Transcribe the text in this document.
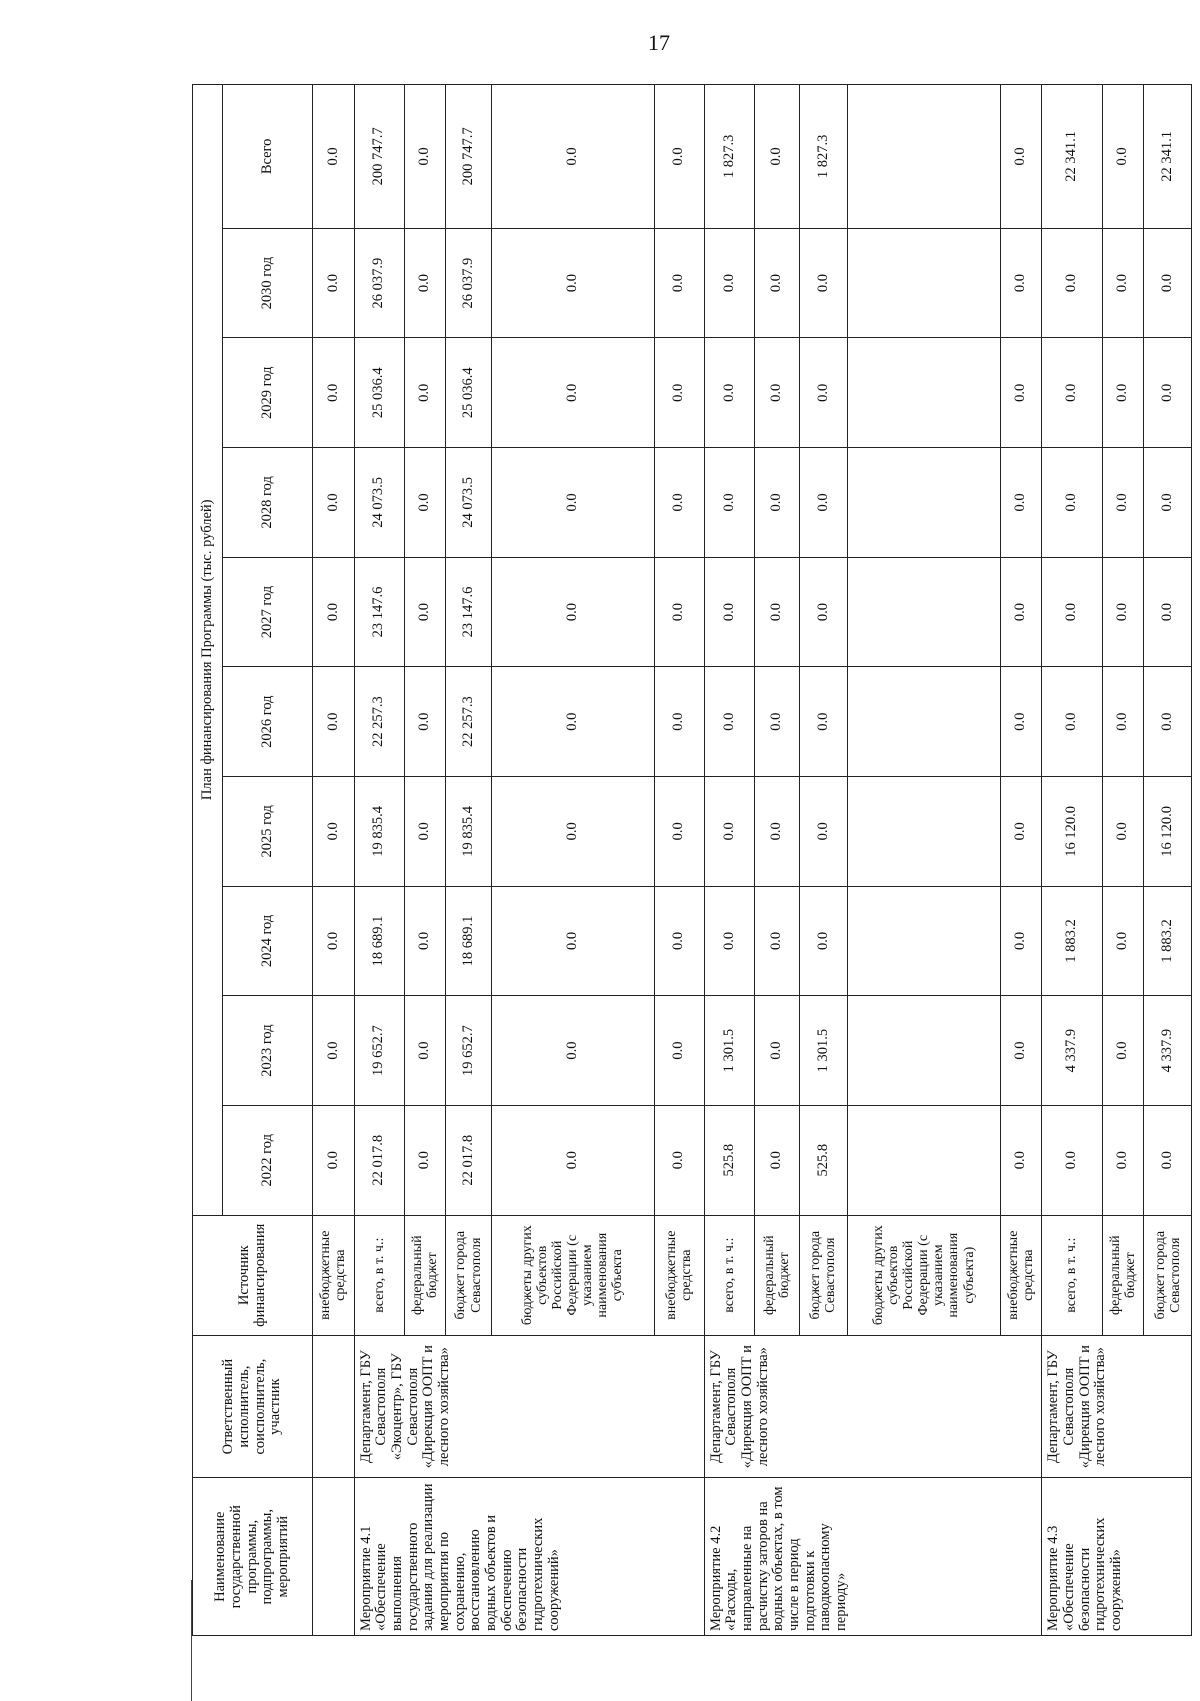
17
Наименование государственной программы, подпрограммы, мероприятий	Ответственный исполнитель, соисполнитель, участник	Источник финансирования	План финансирования Программы (тыс. рублей)									
			2022 год	2023 год	2024 год	2025 год	2026 год	2027 год	2028 год	2029 год	2030 год	Всего
		внебюджетные средства	0.0	0.0	0.0	0.0	0.0	0.0	0.0	0.0	0.0	0.0
Мероприятие 4.1 «Обеспечение выполнения государственного задания для реализации мероприятия по сохранению, восстановлению водных объектов и обеспечению безопасности гидротехнических сооружений»	Департамент, ГБУ Севастополя «Экоцентр», ГБУ Севастополя «Дирекция ООПТ и лесного хозяйства»	всего, в т. ч.:	22 017.8	19 652.7	18 689.1	19 835.4	22 257.3	23 147.6	24 073.5	25 036.4	26 037.9	200 747.7
		федеральный бюджет	0.0	0.0	0.0	0.0	0.0	0.0	0.0	0.0	0.0	0.0
		бюджет города Севастополя	22 017.8	19 652.7	18 689.1	19 835.4	22 257.3	23 147.6	24 073.5	25 036.4	26 037.9	200 747.7
		бюджеты других субъектов Российской Федерации (с указанием наименования субъекта	0.0	0.0	0.0	0.0	0.0	0.0	0.0	0.0	0.0	0.0
		внебюджетные средства	0.0	0.0	0.0	0.0	0.0	0.0	0.0	0.0	0.0	0.0
Мероприятие 4.2 «Расходы, направленные на расчистку заторов на водных объектах, в том числе в период подготовки к паводкоопасному периоду»	Департамент, ГБУ Севастополя «Дирекция ООПТ и лесного хозяйства»	всего, в т. ч.:	525.8	1 301.5	0.0	0.0	0.0	0.0	0.0	0.0	0.0	1 827.3
		федеральный бюджет	0.0	0.0	0.0	0.0	0.0	0.0	0.0	0.0	0.0	0.0
		бюджет города Севастополя	525.8	1 301.5	0.0	0.0	0.0	0.0	0.0	0.0	0.0	1 827.3
		бюджеты других субъектов Российской Федерации (с указанием наименования субъекта)										
		внебюджетные средства	0.0	0.0	0.0	0.0	0.0	0.0	0.0	0.0	0.0	0.0
Мероприятие 4.3 «Обеспечение безопасности гидротехнических сооружений»	Департамент, ГБУ Севастополя «Дирекция ООПТ и лесного хозяйства»	всего, в т. ч.:	0.0	4 337.9	1 883.2	16 120.0	0.0	0.0	0.0	0.0	0.0	22 341.1
		федеральный бюджет	0.0	0.0	0.0	0.0	0.0	0.0	0.0	0.0	0.0	0.0
		бюджет города Севастополя	0.0	4 337.9	1 883.2	16 120.0	0.0	0.0	0.0	0.0	0.0	22 341.1
